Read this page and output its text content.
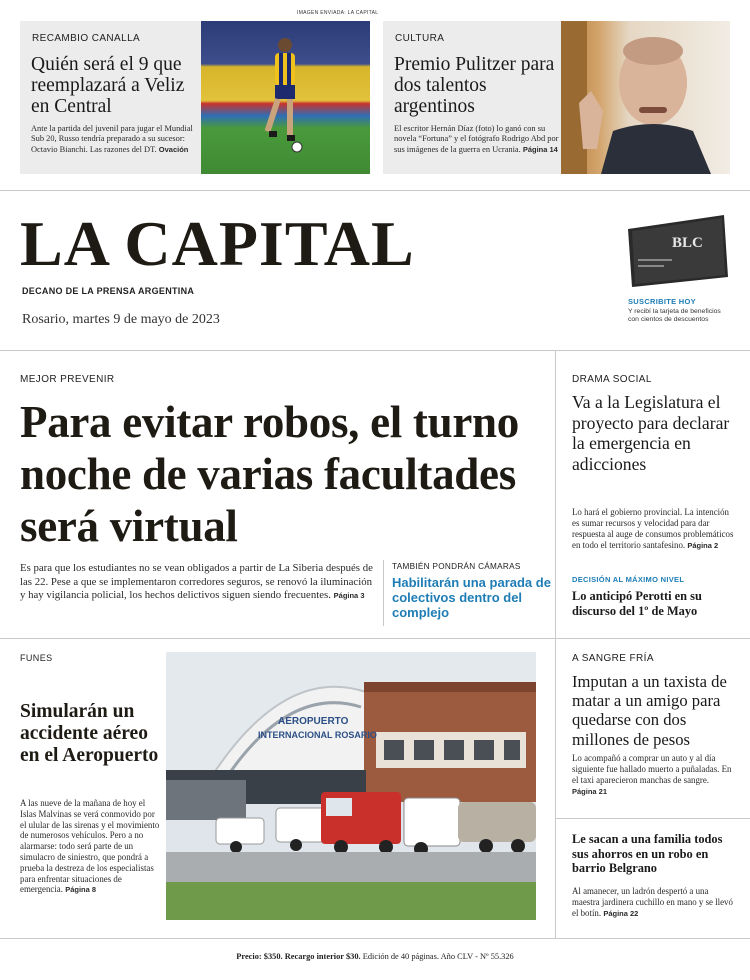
IMAGEN ENVIADA: LA CAPITAL
RECAMBIO CANALLA
Quién será el 9 que reemplazará a Veliz en Central
Ante la partida del juvenil para jugar el Mundial Sub 20, Russo tendría preparado a su sucesor: Octavio Bianchi. Las razones del DT. Ovación
CULTURA
Premio Pulitzer para dos talentos argentinos
El escritor Hernán Díaz (foto) lo ganó con su novela “Fortuna” y el fotógrafo Rodrigo Abd por sus imágenes de la guerra en Ucrania. Página 14
LA CAPITAL
DECANO DE LA PRENSA ARGENTINA
Rosario, martes 9 de mayo de 2023
BLC
SUSCRIBITE HOY
Y recibí la tarjeta de beneficios con cientos de descuentos
MEJOR PREVENIR
Para evitar robos, el turno noche de varias facultades será virtual
Es para que los estudiantes no se vean obligados a partir de La Siberia después de las 22. Pese a que se implementaron corredores seguros, se renovó la iluminación y hay vigilancia policial, los hechos delictivos siguen siendo frecuentes. Página 3
TAMBIÉN PONDRÁN CÁMARAS
Habilitarán una parada de colectivos dentro del complejo
DRAMA SOCIAL
Va a la Legislatura el proyecto para declarar la emergencia en adicciones
Lo hará el gobierno provincial. La intención es sumar recursos y velocidad para dar respuesta al auge de consumos problemáticos en todo el territorio santafesino. Página 2
DECISIÓN AL MÁXIMO NIVEL
Lo anticipó Perotti en su discurso del 1º de Mayo
A SANGRE FRÍA
Imputan a un taxista de matar a un amigo para quedarse con dos millones de pesos
Lo acompañó a comprar un auto y al día siguiente fue hallado muerto a puñaladas. En el taxi aparecieron manchas de sangre. Página 21
Le sacan a una familia todos sus ahorros en un robo en barrio Belgrano
Al amanecer, un ladrón despertó a una maestra jardinera cuchillo en mano y se llevó el botín. Página 22
FUNES
Simularán un accidente aéreo en el Aeropuerto
A las nueve de la mañana de hoy el Islas Malvinas se verá conmovido por el ulular de las sirenas y el movimiento de numerosos vehículos. Pero a no alarmarse: todo será parte de un simulacro de siniestro, que pondrá a prueba la destreza de los especialistas para enfrentar situaciones de emergencia. Página 8
AEROPUERTO
INTERNACIONAL ROSARIO
Precio: $350. Recargo interior $30. Edición de 40 páginas. Año CLV - Nº 55.326
